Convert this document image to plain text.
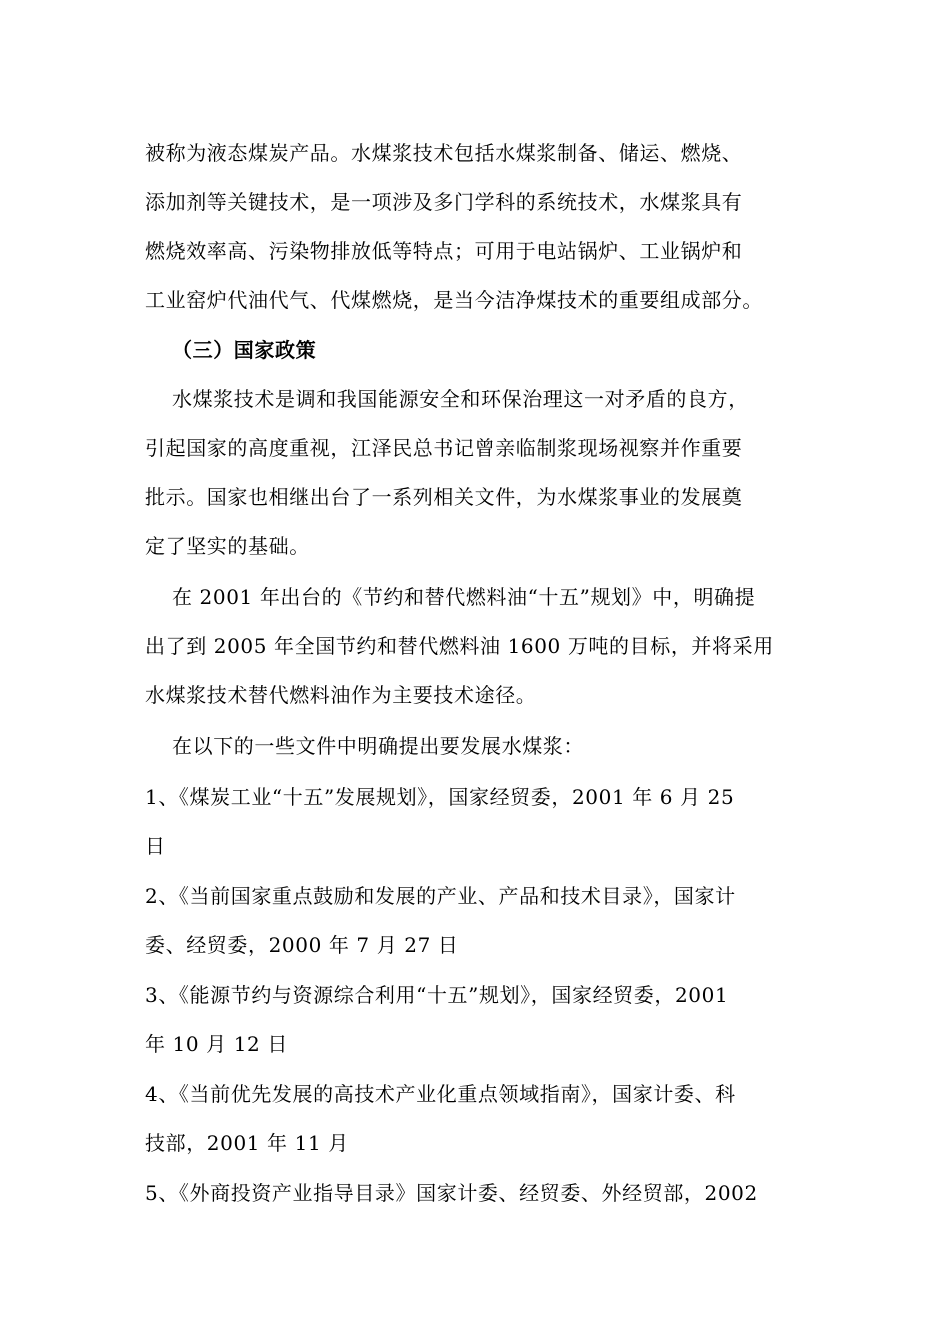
被称为液态煤炭产品。水煤浆技术包括水煤浆制备、储运、燃烧、
添加剂等关键技术，是一项涉及多门学科的系统技术，水煤浆具有
燃烧效率高、污染物排放低等特点；可用于电站锅炉、工业锅炉和
工业窑炉代油代气、代煤燃烧，是当今洁净煤技术的重要组成部分。
（三）国家政策
水煤浆技术是调和我国能源安全和环保治理这一对矛盾的良方，
引起国家的高度重视，江泽民总书记曾亲临制浆现场视察并作重要
批示。国家也相继出台了一系列相关文件，为水煤浆事业的发展奠
定了坚实的基础。
在 2001 年出台的《节约和替代燃料油“十五”规划》中，明确提
出了到 2005 年全国节约和替代燃料油 1600 万吨的目标，并将采用
水煤浆技术替代燃料油作为主要技术途径。
在以下的一些文件中明确提出要发展水煤浆：
1、《煤炭工业“十五”发展规划》，国家经贸委，2001 年 6 月 25
日
2、《当前国家重点鼓励和发展的产业、产品和技术目录》，国家计
委、经贸委，2000 年 7 月 27 日
3、《能源节约与资源综合利用“十五”规划》，国家经贸委，2001
年 10 月 12 日
4、《当前优先发展的高技术产业化重点领域指南》，国家计委、科
技部，2001 年 11 月
5、《外商投资产业指导目录》国家计委、经贸委、外经贸部，2002
